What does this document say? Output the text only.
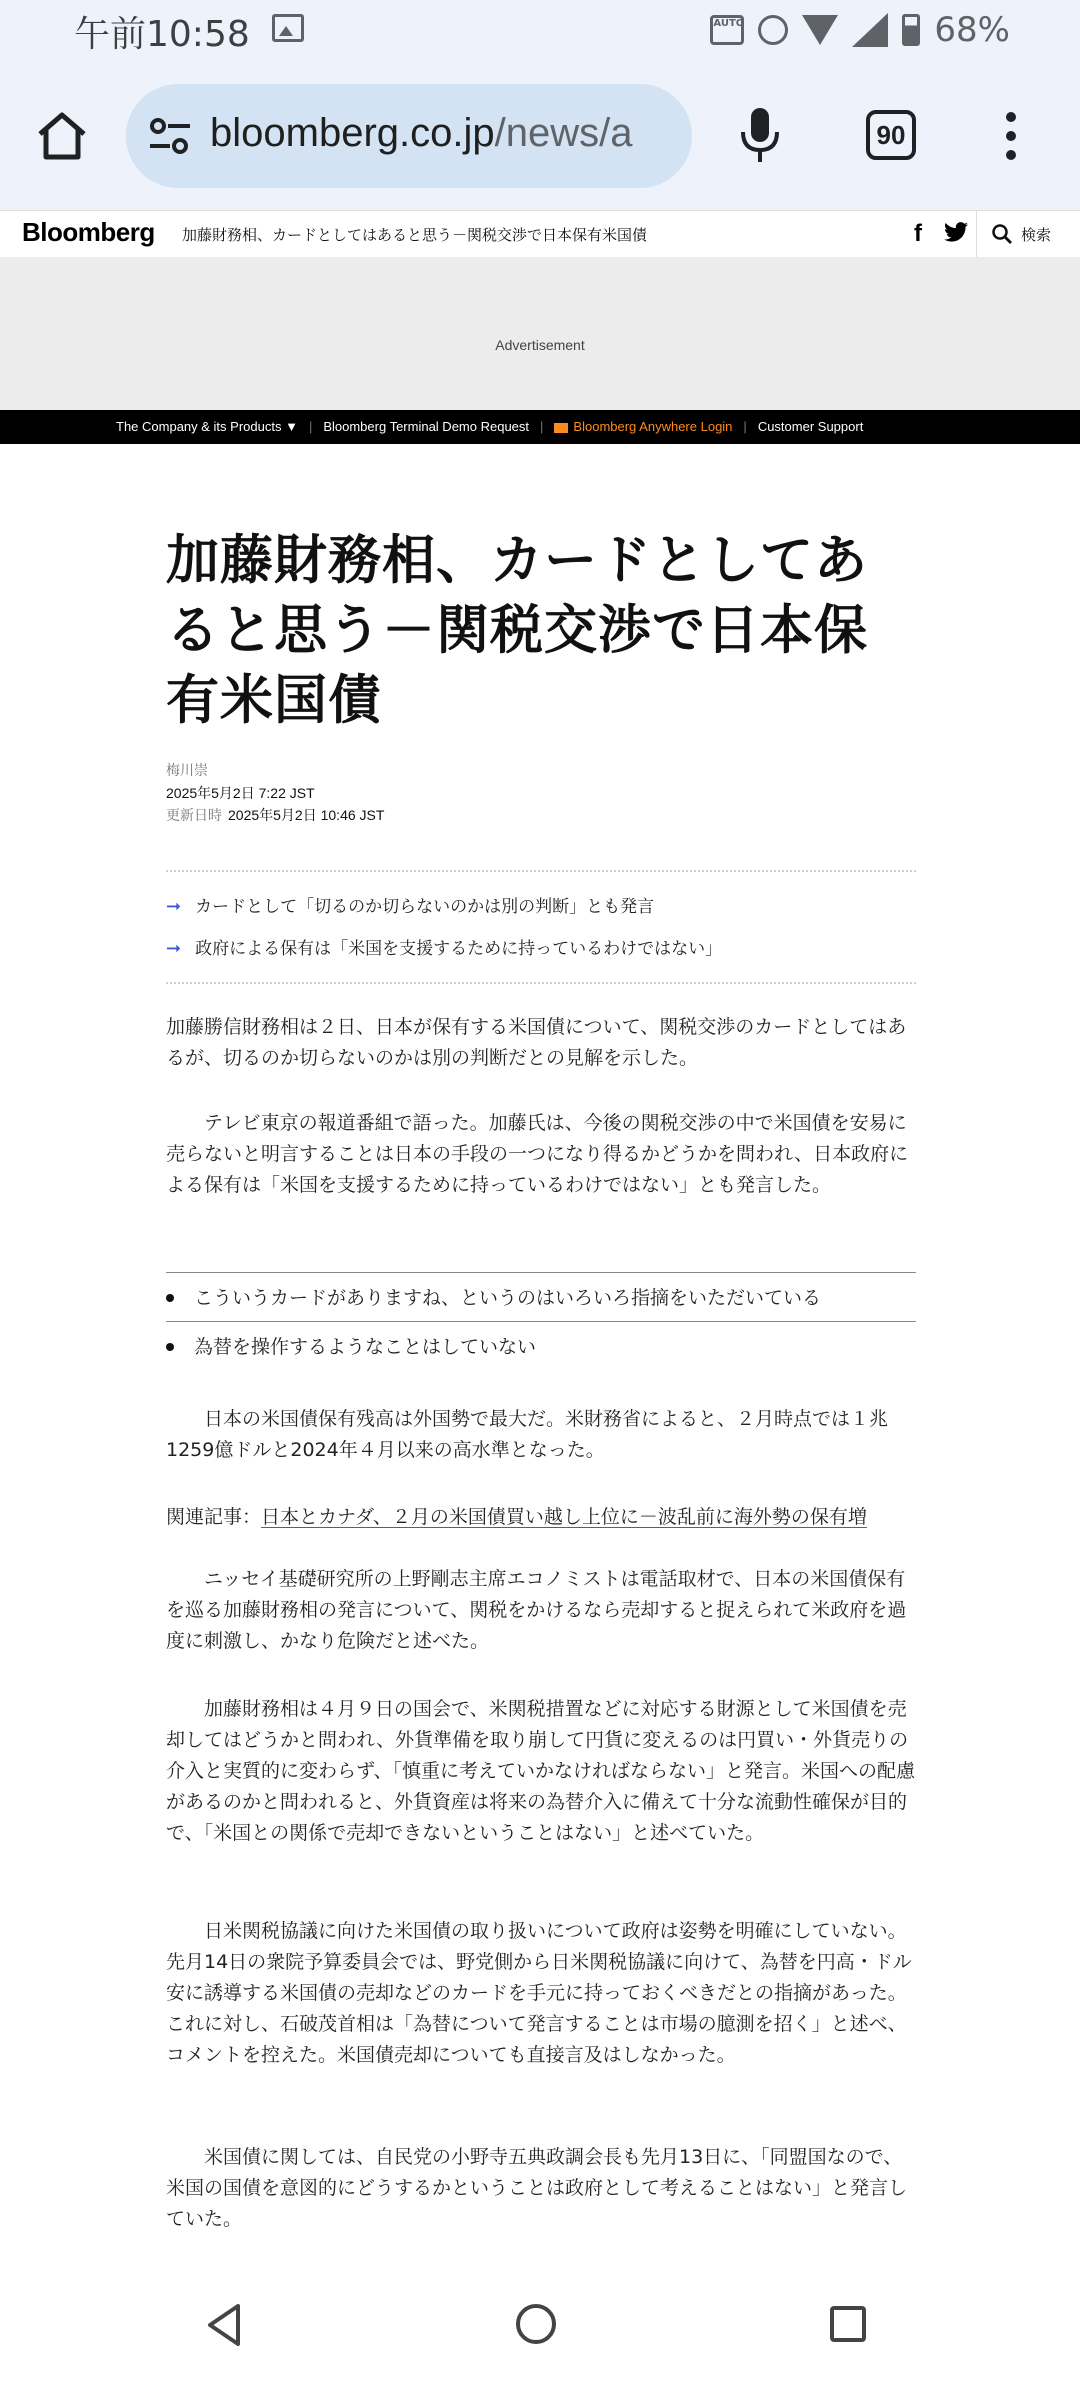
午前10:58	AUTO	68%
bloomberg.co.jp/news/a	90
Bloomberg 加藤財務相、カードとしてはあると思う－関税交渉で日本保有米国債	f	検索
Advertisement
The Company & its Products ▼ | Bloomberg Terminal Demo Request | Bloomberg Anywhere Login | Customer Support
加藤財務相、カードとしてあると思う－関税交渉で日本保有米国債
梅川崇
2025年5月2日 7:22 JST
更新日時 2025年5月2日 10:46 JST
➞ カードとして「切るのか切らないのかは別の判断」とも発言
➞ 政府による保有は「米国を支援するために持っているわけではない」
加藤勝信財務相は２日、日本が保有する米国債について、関税交渉のカードとしてはあるが、切るのか切らないのかは別の判断だとの見解を示した。
テレビ東京の報道番組で語った。加藤氏は、今後の関税交渉の中で米国債を安易に売らないと明言することは日本の手段の一つになり得るかどうかを問われ、日本政府による保有は「米国を支援するために持っているわけではない」とも発言した。
こういうカードがありますね、というのはいろいろ指摘をいただいている
為替を操作するようなことはしていない
日本の米国債保有残高は外国勢で最大だ。米財務省によると、２月時点では１兆1259億ドルと2024年４月以来の高水準となった。
関連記事：日本とカナダ、２月の米国債買い越し上位に－波乱前に海外勢の保有増
ニッセイ基礎研究所の上野剛志主席エコノミストは電話取材で、日本の米国債保有を巡る加藤財務相の発言について、関税をかけるなら売却すると捉えられて米政府を過度に刺激し、かなり危険だと述べた。
加藤財務相は４月９日の国会で、米関税措置などに対応する財源として米国債を売却してはどうかと問われ、外貨準備を取り崩して円貨に変えるのは円買い・外貨売りの介入と実質的に変わらず、「慎重に考えていかなければならない」と発言。米国への配慮があるのかと問われると、外貨資産は将来の為替介入に備えて十分な流動性確保が目的で、「米国との関係で売却できないということはない」と述べていた。
日米関税協議に向けた米国債の取り扱いについて政府は姿勢を明確にしていない。先月14日の衆院予算委員会では、野党側から日米関税協議に向けて、為替を円高・ドル安に誘導する米国債の売却などのカードを手元に持っておくべきだとの指摘があった。これに対し、石破茂首相は「為替について発言することは市場の臆測を招く」と述べ、コメントを控えた。米国債売却についても直接言及はしなかった。
米国債に関しては、自民党の小野寺五典政調会長も先月13日に、「同盟国なので、米国の国債を意図的にどうするかということは政府として考えることはない」と発言していた。
